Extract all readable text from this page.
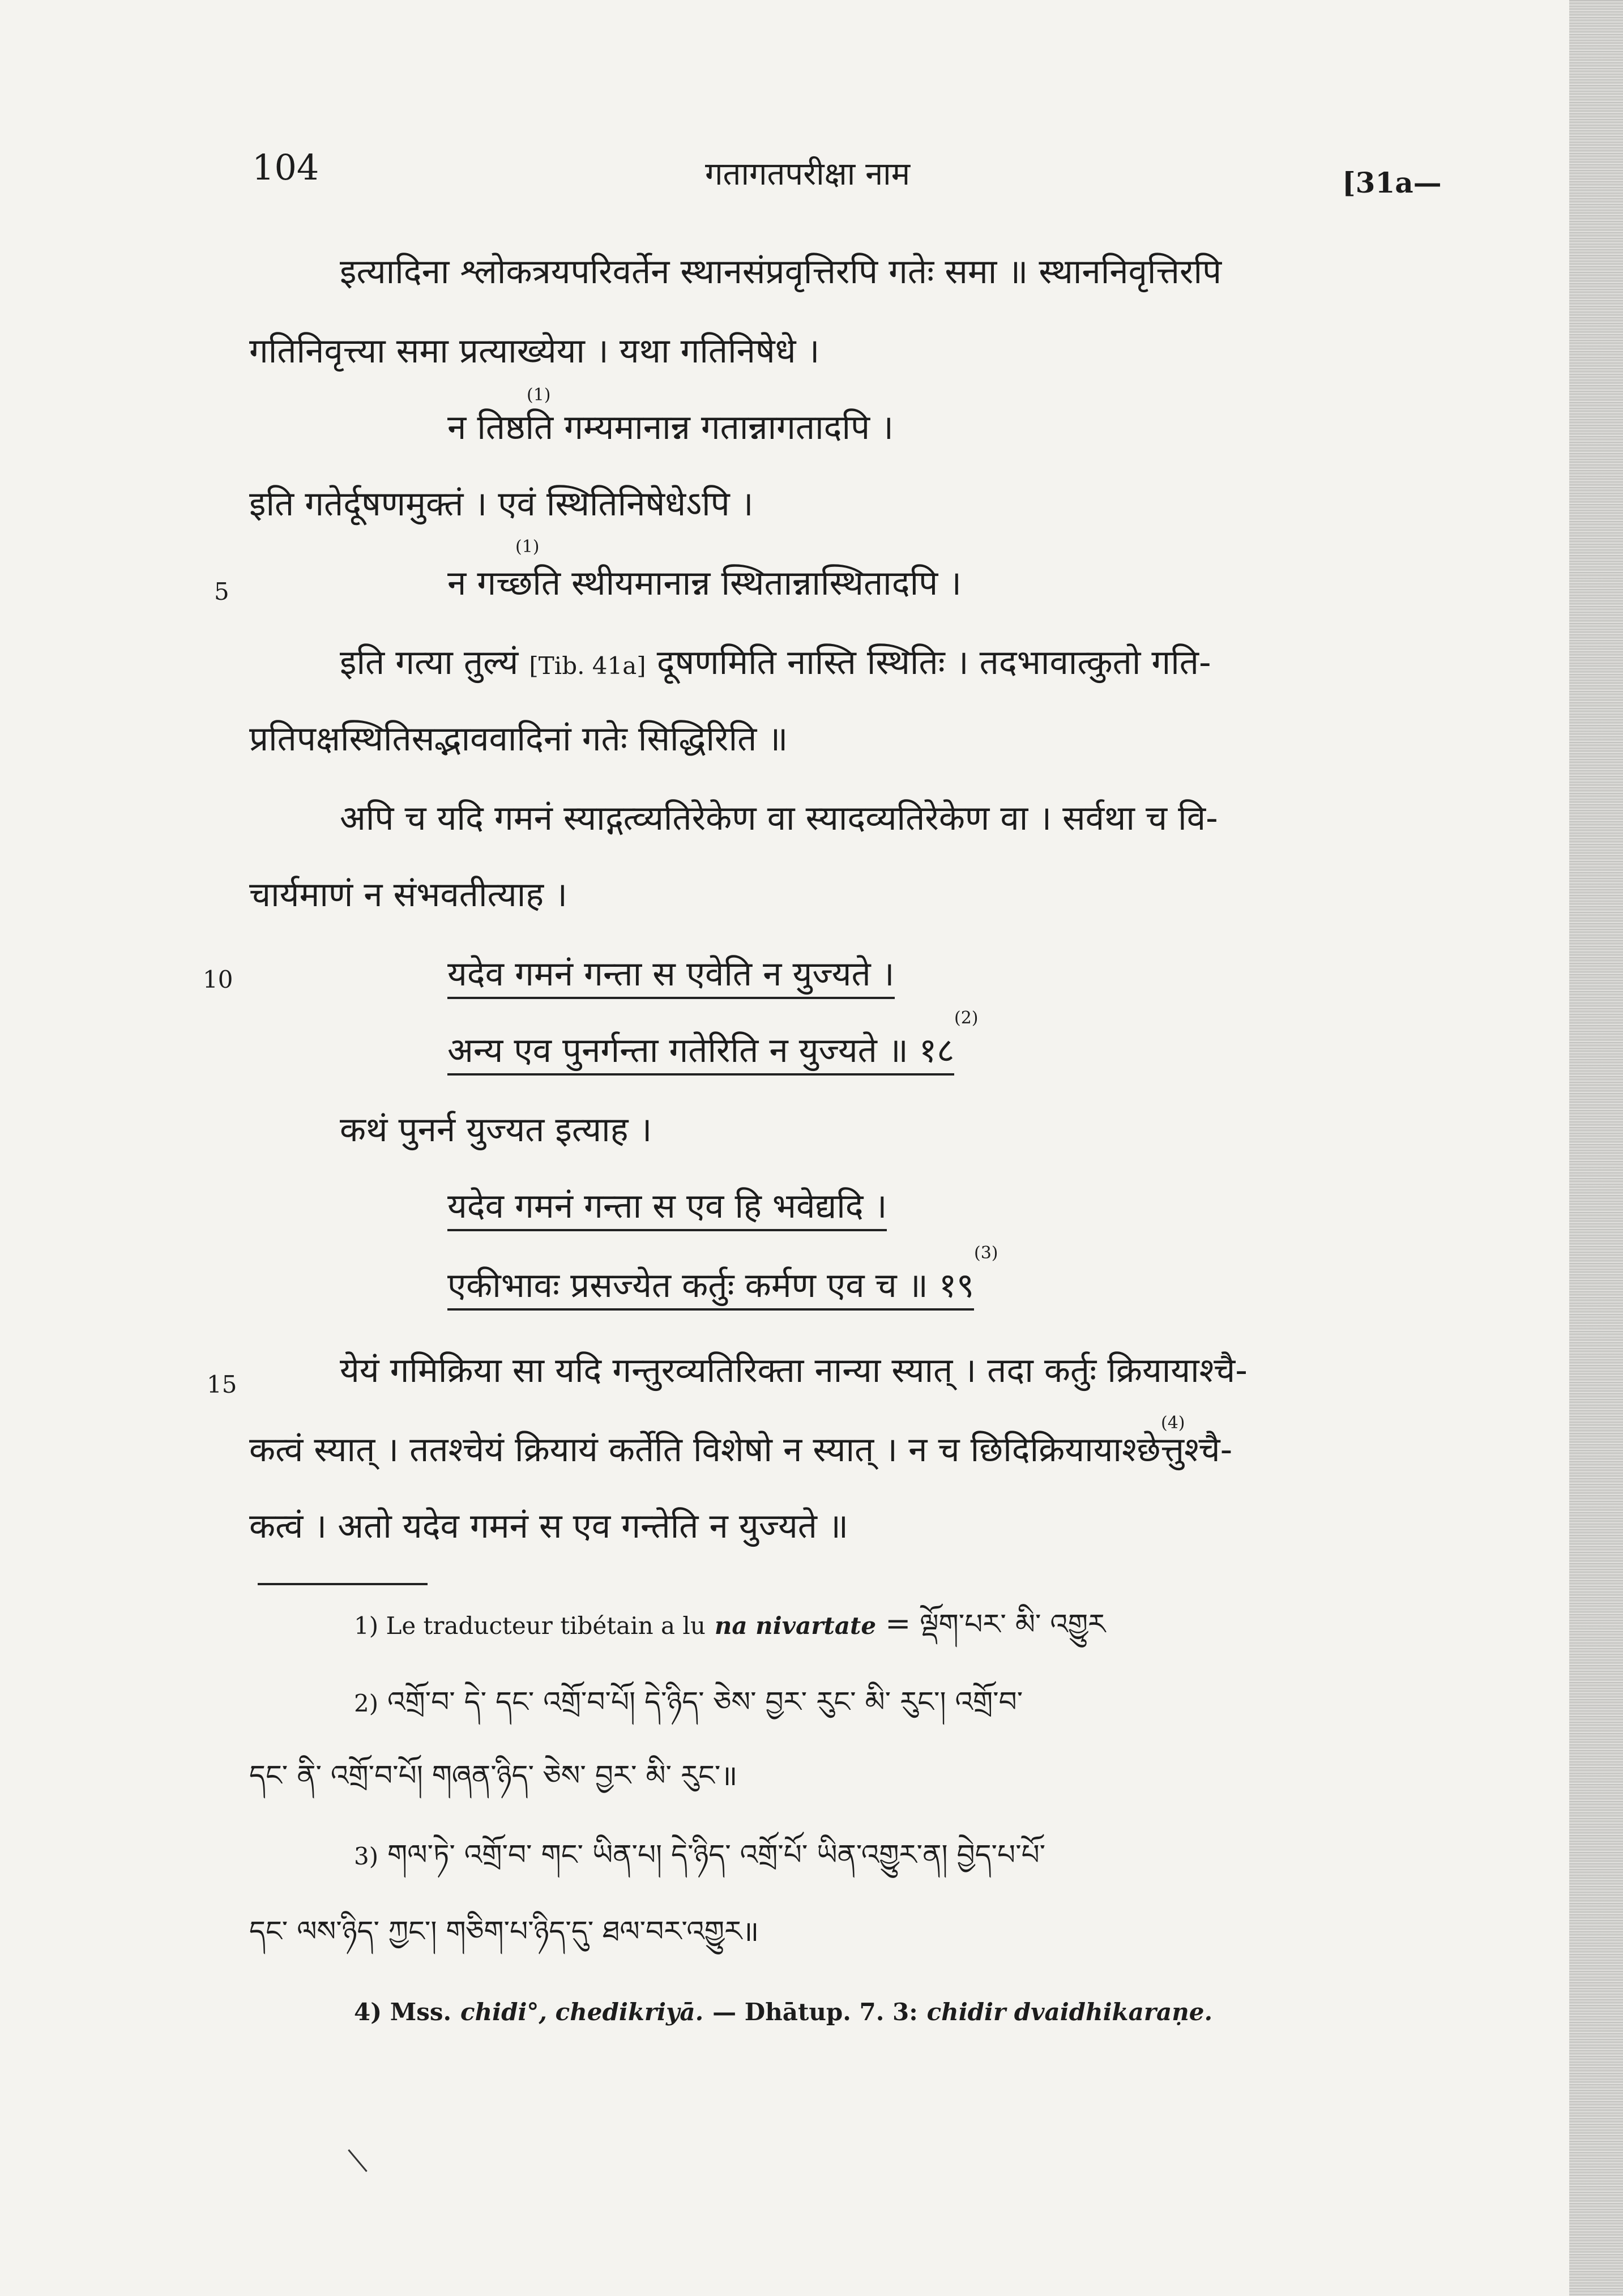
104	गतागतपरीक्षा नाम	[31a—
इत्यादिना श्लोकत्रयपरिवर्तेन स्थानसंप्रवृत्तिरपि गतेः समा ॥ स्थाननिवृत्तिरपि
गतिनिवृत्त्या समा प्रत्याख्येया । यथा गतिनिषेधे ।
(1)
न तिष्ठति गम्यमानान्न गतान्नागतादपि ।
इति गतेर्दूषणमुक्तं । एवं स्थितिनिषेधेऽपि ।
5
(1)
न गच्छति स्थीयमानान्न स्थितान्नास्थितादपि ।
इति गत्या तुल्यं [Tib. 41a] दूषणमिति नास्ति स्थितिः । तदभावात्कुतो गति-
प्रतिपक्षस्थितिसद्भाववादिनां गतेः सिद्धिरिति ॥
अपि च यदि गमनं स्याद्गत्व्यतिरेकेण वा स्यादव्यतिरेकेण वा । सर्वथा च वि-
चार्यमाणं न संभवतीत्याह ।
10	यदेव गमनं गन्ता स एवेति न युज्यते ।
(2)
अन्य एव पुनर्गन्ता गतेरिति न युज्यते ॥ १८
कथं पुनर्न युज्यत इत्याह ।
यदेव गमनं गन्ता स एव हि भवेद्यदि ।
(3)
एकीभावः प्रसज्येत कर्तुः कर्मण एव च ॥ १९
15	येयं गमिक्रिया सा यदि गन्तुरव्यतिरिक्ता नान्या स्यात् । तदा कर्तुः क्रियायाश्चै-
(4)
कत्वं स्यात् । ततश्चेयं क्रियायं कर्तेति विशेषो न स्यात् । न च छिदिक्रियायाश्छेत्तुश्चै-
कत्वं । अतो यदेव गमनं स एव गन्तेति न युज्यते ॥
1) Le traducteur tibétain a lu na nivartate = ལྡོག་པར་ མི་ འགྱུར
2) འགྲོ་བ་ དེ་ དང་ འགྲོ་བ་པོ། དེ་ཉིད་ ཅེས་ བྱར་ རུང་ མི་ རུང་། འགྲོ་བ་
དང་ ནི་ འགྲོ་བ་པོ། གཞན་ཉིད་ ཅེས་ བྱར་ མི་ རུང་॥
3) གལ་ཏེ་ འགྲོ་བ་ གང་ ཡིན་པ། དེ་ཉིད་ འགྲོ་པོ་ ཡིན་འགྱུར་ན། བྱེད་པ་པོ་
དང་ ལས་ཉིད་ ཀྱང་། གཅིག་པ་ཉིད་དུ་ ཐལ་བར་འགྱུར॥
4) Mss. chidi°, chedikriyā. — Dhātup. 7. 3: chidir dvaidhikaraṇe.
